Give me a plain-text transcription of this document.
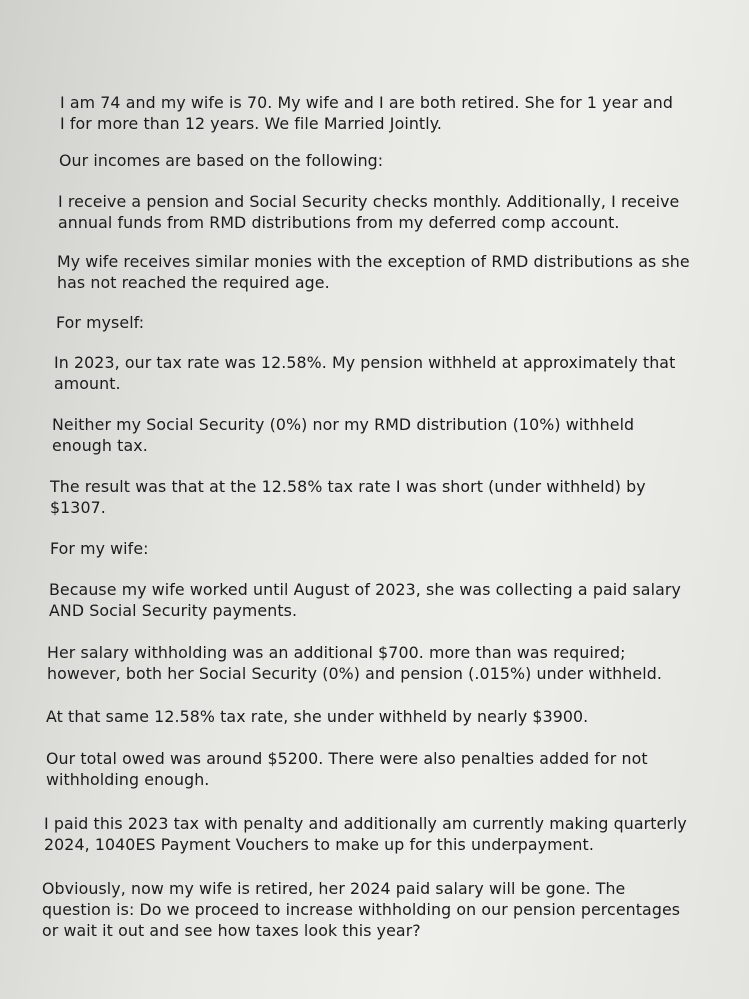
I am 74 and my wife is 70. My wife and I are both retired. She for 1 year and
I for more than 12 years. We file Married Jointly.

Our incomes are based on the following:

I receive a pension and Social Security checks monthly. Additionally, I receive
annual funds from RMD distributions from my deferred comp account.

My wife receives similar monies with the exception of RMD distributions as she
has not reached the required age.

For myself:

In 2023, our tax rate was 12.58%. My pension withheld at approximately that
amount.

Neither my Social Security (0%) nor my RMD distribution (10%) withheld
enough tax.

The result was that at the 12.58% tax rate I was short (under withheld) by
$1307.

For my wife:

Because my wife worked until August of 2023, she was collecting a paid salary
AND Social Security payments.

Her salary withholding was an additional $700. more than was required;
however, both her Social Security (0%) and pension (.015%) under withheld.

At that same 12.58% tax rate, she under withheld by nearly $3900.

Our total owed was around $5200. There were also penalties added for not
withholding enough.

I paid this 2023 tax with penalty and additionally am currently making quarterly
2024, 1040ES Payment Vouchers to make up for this underpayment.

Obviously, now my wife is retired, her 2024 paid salary will be gone. The
question is: Do we proceed to increase withholding on our pension percentages
or wait it out and see how taxes look this year?
